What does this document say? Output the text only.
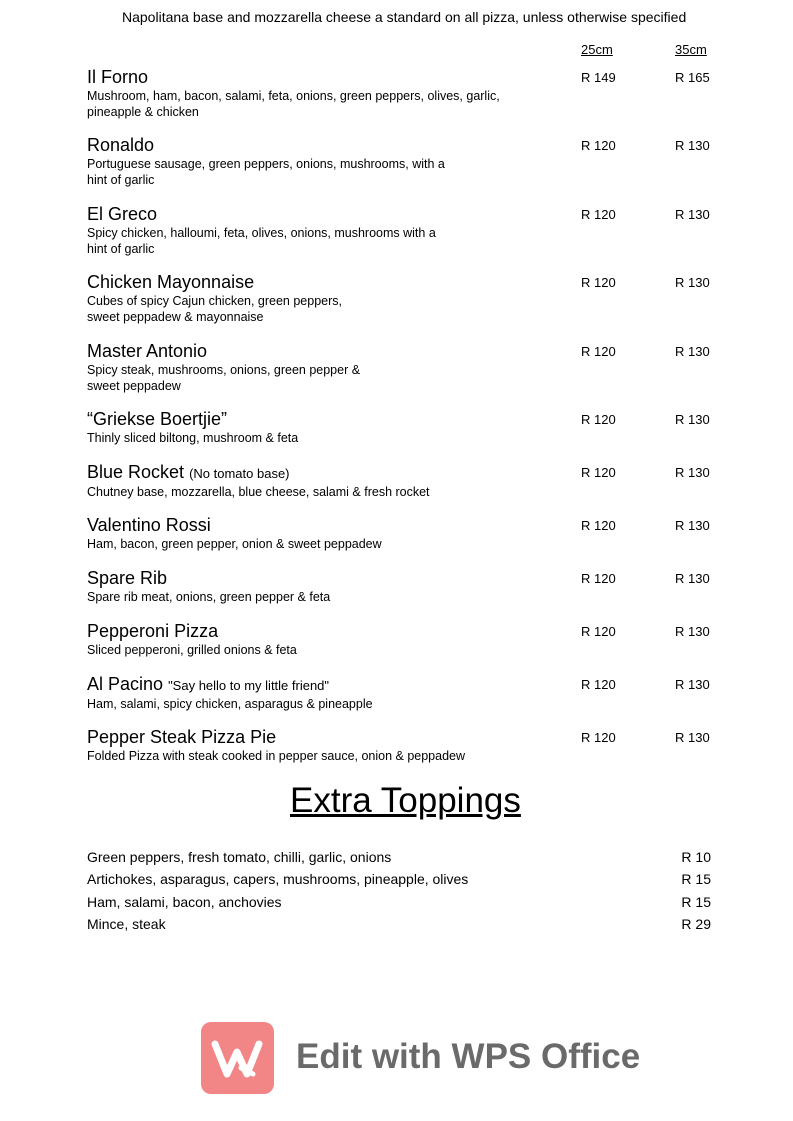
Napolitana base and mozzarella cheese a standard on all pizza, unless otherwise specified
25cm	35cm
Il Forno
Mushroom, ham, bacon, salami, feta, onions, green peppers, olives, garlic, pineapple & chicken
R 149	R 165
Ronaldo
Portuguese sausage, green peppers, onions, mushrooms, with a hint of garlic
R 120	R 130
El Greco
Spicy chicken, halloumi, feta, olives, onions, mushrooms with a hint of garlic
R 120	R 130
Chicken Mayonnaise
Cubes of spicy Cajun chicken, green peppers, sweet peppadew & mayonnaise
R 120	R 130
Master Antonio
Spicy steak, mushrooms, onions, green pepper & sweet peppadew
R 120	R 130
“Griekse Boertjie”
Thinly sliced biltong, mushroom & feta
R 120	R 130
Blue Rocket (No tomato base)
Chutney base, mozzarella, blue cheese, salami & fresh rocket
R 120	R 130
Valentino Rossi
Ham, bacon, green pepper, onion & sweet peppadew
R 120	R 130
Spare Rib
Spare rib meat, onions, green pepper & feta
R 120	R 130
Pepperoni Pizza
Sliced pepperoni, grilled onions & feta
R 120	R 130
Al Pacino "Say hello to my little friend"
Ham, salami, spicy chicken, asparagus & pineapple
R 120	R 130
Pepper Steak Pizza Pie
Folded Pizza with steak cooked in pepper sauce, onion & peppadew
R 120	R 130
Extra Toppings
Green peppers, fresh tomato, chilli, garlic, onions	R 10
Artichokes, asparagus, capers, mushrooms, pineapple, olives	R 15
Ham, salami, bacon, anchovies	R 15
Mince, steak	R 29
Edit with WPS Office
